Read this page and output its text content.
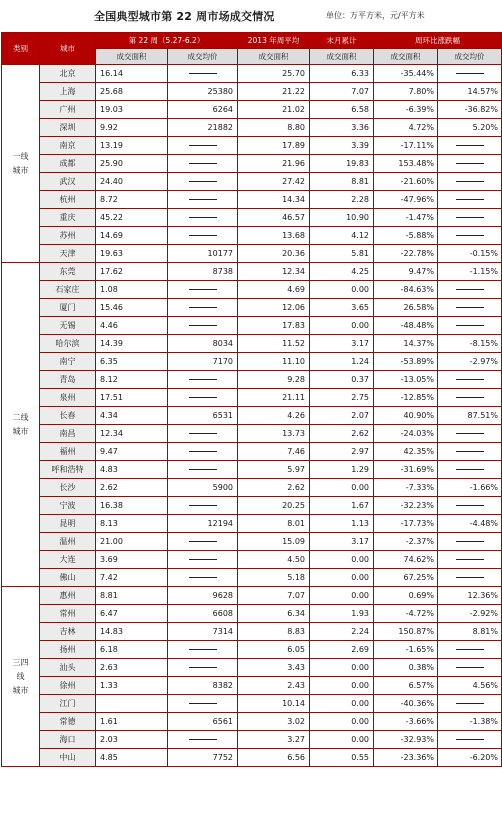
全国典型城市第 22 周市场成交情况	单位：万平方米，元/平方米
类别	城市	第 22 周（5.27-6.2）		2013 年周平均	末月累计	周环比涨跌幅	
		成交面积	成交均价	成交面积	成交面积	成交面积	成交均价
一线
城市	北京	16.14		25.70	6.33	-35.44%	
	上海	25.68	25380	21.22	7.07	7.80%	14.57%
	广州	19.03	6264	21.02	6.58	-6.39%	-36.82%
	深圳	9.92	21882	8.80	3.36	4.72%	5.20%
	南京	13.19		17.89	3.39	-17.11%	
	成都	25.90		21.96	19.83	153.48%	
	武汉	24.40		27.42	8.81	-21.60%	
	杭州	8.72		14.34	2.28	-47.96%	
	重庆	45.22		46.57	10.90	-1.47%	
	苏州	14.69		13.68	4.12	-5.88%	
	天津	19.63	10177	20.36	5.81	-22.78%	-0.15%
二线
城市	东莞	17.62	8738	12.34	4.25	9.47%	-1.15%
	石家庄	1.08		4.69	0.00	-84.63%	
	厦门	15.46		12.06	3.65	26.58%	
	无锡	4.46		17.83	0.00	-48.48%	
	哈尔滨	14.39	8034	11.52	3.17	14.37%	-8.15%
	南宁	6.35	7170	11.10	1.24	-53.89%	-2.97%
	青岛	8.12		9.28	0.37	-13.05%	
	泉州	17.51		21.11	2.75	-12.85%	
	长春	4.34	6531	4.26	2.07	40.90%	87.51%
	南昌	12.34		13.73	2.62	-24.03%	
	福州	9.47		7.46	2.97	42.35%	
	呼和浩特	4.83		5.97	1.29	-31.69%	
	长沙	2.62	5900	2.62	0.00	-7.33%	-1.66%
	宁波	16.38		20.25	1.67	-32.23%	
	昆明	8.13	12194	8.01	1.13	-17.73%	-4.48%
	温州	21.00		15.09	3.17	-2.37%	
	大连	3.69		4.50	0.00	74.62%	
	佛山	7.42		5.18	0.00	67.25%	
三四
线
城市	惠州	8.81	9628	7.07	0.00	0.69%	12.36%
	常州	6.47	6608	6.34	1.93	-4.72%	-2.92%
	吉林	14.83	7314	8.83	2.24	150.87%	8.81%
	扬州	6.18		6.05	2.69	-1.65%	
	汕头	2.63		3.43	0.00	0.38%	
	徐州	1.33	8382	2.43	0.00	6.57%	4.56%
	江门			10.14	0.00	-40.36%	
	常德	1.61	6561	3.02	0.00	-3.66%	-1.38%
	海口	2.03		3.27	0.00	-32.93%	
	中山	4.85	7752	6.56	0.55	-23.36%	-6.20%
